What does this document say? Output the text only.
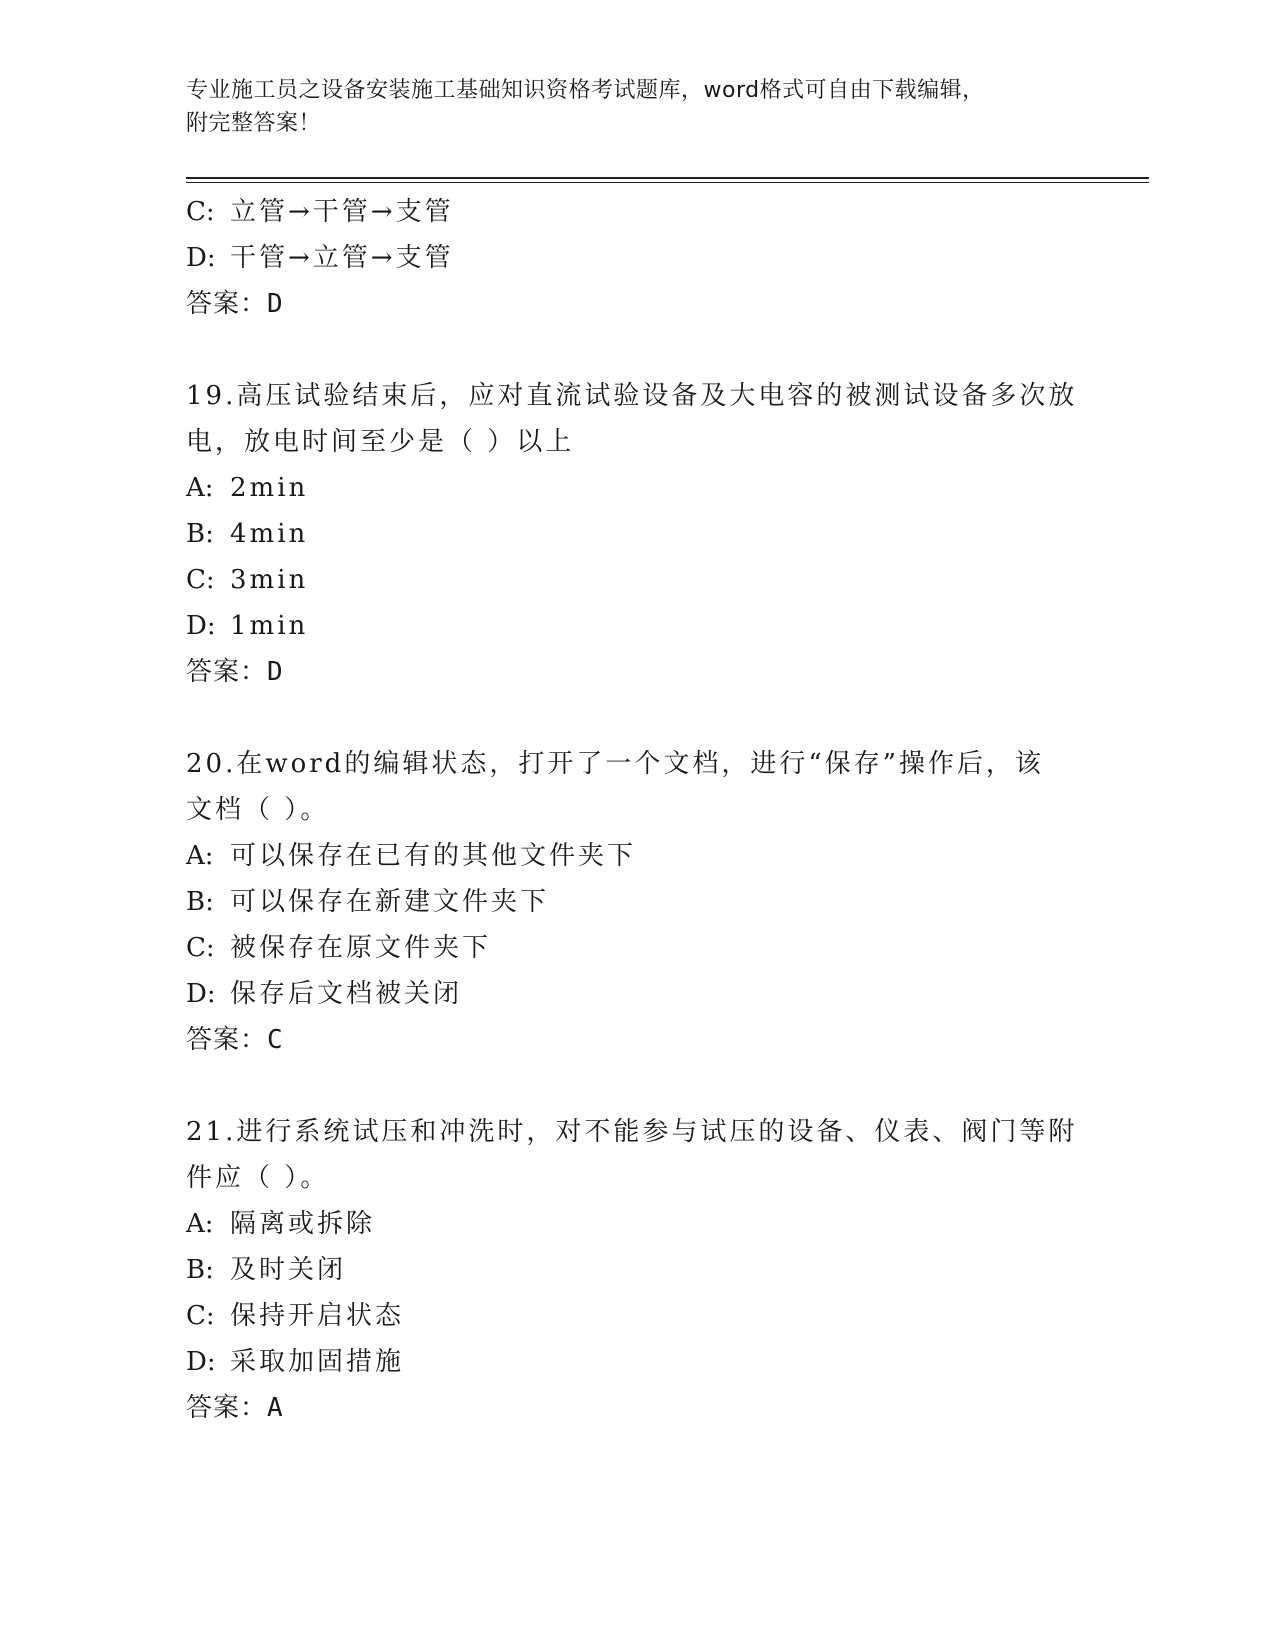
专业施工员之设备安装施工基础知识资格考试题库，word格式可自由下载编辑，
附完整答案！
C: 立管→干管→支管
D: 干管→立管→支管
答案：D
19.高压试验结束后，应对直流试验设备及大电容的被测试设备多次放
电，放电时间至少是（ ）以上
A: 2min
B: 4min
C: 3min
D: 1min
答案：D
20.在word的编辑状态，打开了一个文档，进行“保存”操作后，该
文档（ ）。
A: 可以保存在已有的其他文件夹下
B: 可以保存在新建文件夹下
C: 被保存在原文件夹下
D: 保存后文档被关闭
答案：C
21.进行系统试压和冲洗时，对不能参与试压的设备、仪表、阀门等附
件应（ ）。
A: 隔离或拆除
B: 及时关闭
C: 保持开启状态
D: 采取加固措施
答案：A
